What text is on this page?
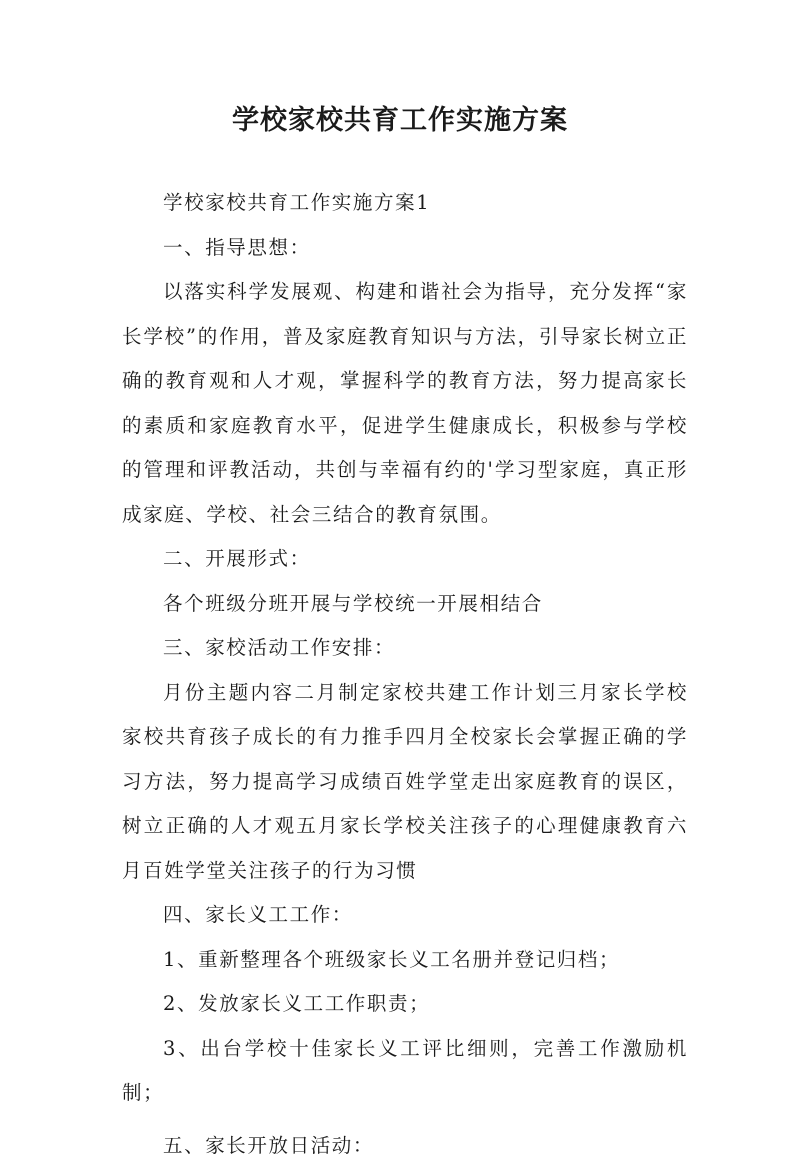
学校家校共育工作实施方案

学校家校共育工作实施方案1

一、指导思想：

以落实科学发展观、构建和谐社会为指导，充分发挥“家长学校”的作用，普及家庭教育知识与方法，引导家长树立正确的教育观和人才观，掌握科学的教育方法，努力提高家长的素质和家庭教育水平，促进学生健康成长，积极参与学校的管理和评教活动，共创与幸福有约的'学习型家庭，真正形成家庭、学校、社会三结合的教育氛围。

二、开展形式：

各个班级分班开展与学校统一开展相结合

三、家校活动工作安排：

月份主题内容二月制定家校共建工作计划三月家长学校家校共育孩子成长的有力推手四月全校家长会掌握正确的学习方法，努力提高学习成绩百姓学堂走出家庭教育的误区，树立正确的人才观五月家长学校关注孩子的心理健康教育六月百姓学堂关注孩子的行为习惯

四、家长义工工作：

1、重新整理各个班级家长义工名册并登记归档；

2、发放家长义工工作职责；

3、出台学校十佳家长义工评比细则，完善工作激励机制；

五、家长开放日活动：
